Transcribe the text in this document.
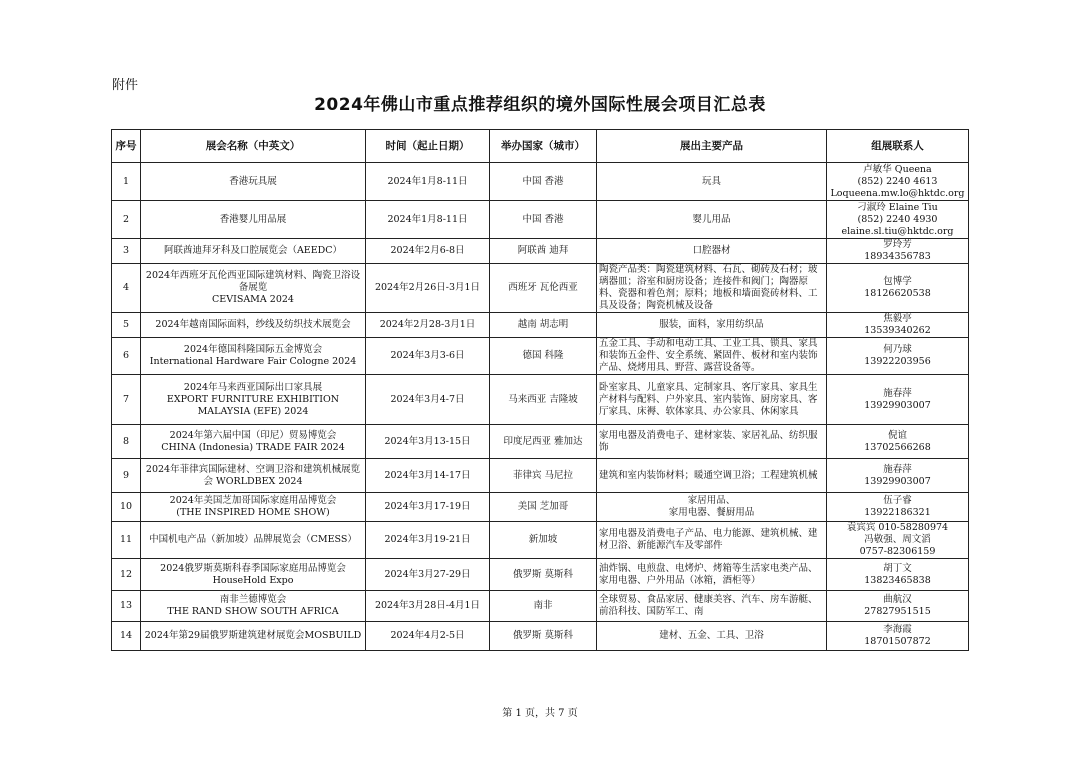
附件
2024年佛山市重点推荐组织的境外国际性展会项目汇总表
序号	展会名称（中英文）	时间（起止日期）	举办国家（城市）	展出主要产品	组展联系人
1	香港玩具展	2024年1月8-11日	中国 香港	玩具	卢敏华 Queena
(852) 2240 4613
Loqueena.mw.lo@hktdc.org
2	香港婴儿用品展	2024年1月8-11日	中国 香港	婴儿用品	刁淑玲 Elaine Tiu
(852) 2240 4930
elaine.sl.tiu@hktdc.org
3	阿联酋迪拜牙科及口腔展览会（AEEDC）	2024年2月6-8日	阿联酋 迪拜	口腔器材	罗玲芳
18934356783
4	2024年西班牙瓦伦西亚国际建筑材料、陶瓷卫浴设备展览
CEVISAMA 2024	2024年2月26日-3月1日	西班牙 瓦伦西亚	陶瓷产品类：陶瓷建筑材料、石瓦、砌砖及石材；玻璃器皿；浴室和厨房设备；连接件和阀门；陶器原料、瓷器和着色剂；原料；地板和墙面瓷砖材料、工具及设备；陶瓷机械及设备	包博学
18126620538
5	2024年越南国际面料，纱线及纺织技术展览会	2024年2月28-3月1日	越南 胡志明	服装，面料，家用纺织品	焦毅亭
13539340262
6	2024年德国科隆国际五金博览会
International Hardware Fair Cologne 2024	2024年3月3-6日	德国 科隆	五金工具、手动和电动工具、工业工具、锁具、家具和装饰五金件、安全系统、紧固件、板材和室内装饰产品、烧烤用具、野营、露营设备等。	何乃球
13922203956
7	2024年马来西亚国际出口家具展
EXPORT FURNITURE EXHIBITION MALAYSIA (EFE) 2024	2024年3月4-7日	马来西亚 吉隆坡	卧室家具、儿童家具、定制家具、客厅家具、家具生产材料与配料、户外家具、室内装饰、厨房家具、客厅家具、床褥、软体家具、办公家具、休闲家具	施春萍
13929903007
8	2024年第六届中国（印尼）贸易博览会
CHINA (Indonesia) TRADE FAIR 2024	2024年3月13-15日	印度尼西亚 雅加达	家用电器及消费电子、建材家装、家居礼品、纺织服饰	倪谊
13702566268
9	2024年菲律宾国际建材、空调卫浴和建筑机械展览会 WORLDBEX 2024	2024年3月14-17日	菲律宾 马尼拉	建筑和室内装饰材料；暖通空调卫浴；工程建筑机械	施春萍
13929903007
10	2024年美国芝加哥国际家庭用品博览会
(THE INSPIRED HOME SHOW)	2024年3月17-19日	美国 芝加哥	家居用品、
家用电器、餐厨用品	伍子睿
13922186321
11	中国机电产品（新加坡）品牌展览会（CMESS）	2024年3月19-21日	新加坡	家用电器及消费电子产品、电力能源、建筑机械、建材卫浴、新能源汽车及零部件	袁宾宾 010-58280974
冯敬强、周文滔
0757-82306159
12	2024俄罗斯莫斯科春季国际家庭用品博览会
HouseHold Expo	2024年3月27-29日	俄罗斯 莫斯科	油炸锅、电煎盘、电烤炉、烤箱等生活家电类产品、家用电器、户外用品（冰箱，酒柜等）	胡丁文
13823465838
13	南非兰德博览会
THE RAND SHOW SOUTH AFRICA	2024年3月28日-4月1日	南非	全球贸易、食品家居、健康美容、汽车、房车游艇、前沿科技、国防军工、南	曲航汉
27827951515
14	2024年第29届俄罗斯建筑建材展览会MOSBUILD	2024年4月2-5日	俄罗斯 莫斯科	建材、五金、工具、卫浴	李海霞
18701507872
第 1 页，共 7 页
